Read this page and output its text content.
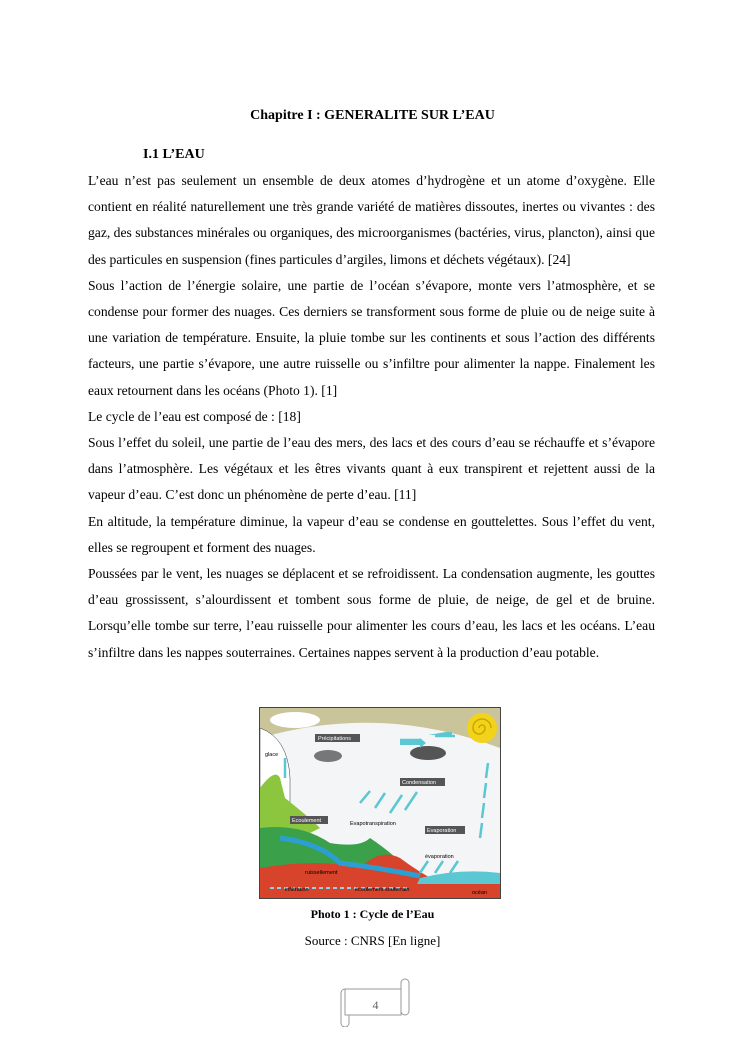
Chapitre I : GENERALITE SUR L’EAU
I.1 L’EAU

L’eau n’est pas seulement un ensemble de deux atomes d’hydrogène et un atome d’oxygène. Elle contient en réalité naturellement une très grande variété de matières dissoutes, inertes ou vivantes : des gaz, des substances minérales ou organiques, des microorganismes (bactéries, virus, plancton), ainsi que des particules en suspension (fines particules d’argiles, limons et déchets végétaux). [24]

Sous l’action de l’énergie solaire, une partie de l’océan s’évapore, monte vers l’atmosphère, et se condense pour former des nuages. Ces derniers se transforment sous forme de pluie ou de neige suite à une variation de température. Ensuite, la pluie tombe sur les continents et sous l’action des différents facteurs, une partie s’évapore, une autre ruisselle ou s’infiltre pour alimenter la nappe. Finalement les eaux retournent dans les océans (Photo 1). [1]

Le cycle de l’eau est composé de : [18]

Sous l’effet du soleil, une partie de l’eau des mers, des lacs et des cours d’eau se réchauffe et s’évapore dans l’atmosphère. Les végétaux et les êtres vivants quant à eux transpirent et rejettent aussi de la vapeur d’eau. C’est donc un phénomène de perte d’eau. [11]

En altitude, la température diminue, la vapeur d’eau se condense en gouttelettes. Sous l’effet du vent, elles se regroupent et forment des nuages.

Poussées par le vent, les nuages se déplacent et se refroidissent. La condensation augmente, les gouttes d’eau grossissent, s’alourdissent et tombent sous forme de pluie, de neige, de gel et de bruine. Lorsqu’elle tombe sur terre, l’eau ruisselle pour alimenter les cours d’eau, les lacs et les océans. L’eau s’infiltre dans les nappes souterraines. Certaines nappes servent à la production d’eau potable.

Précipitations
glace
Condensation
Ecoulement	Evapotranspiration
Evaporation
évaporation
ruissellement
infiltration	écoulement souterrain	océan
Photo 1 : Cycle de l’Eau
Source : CNRS [En ligne]
4
